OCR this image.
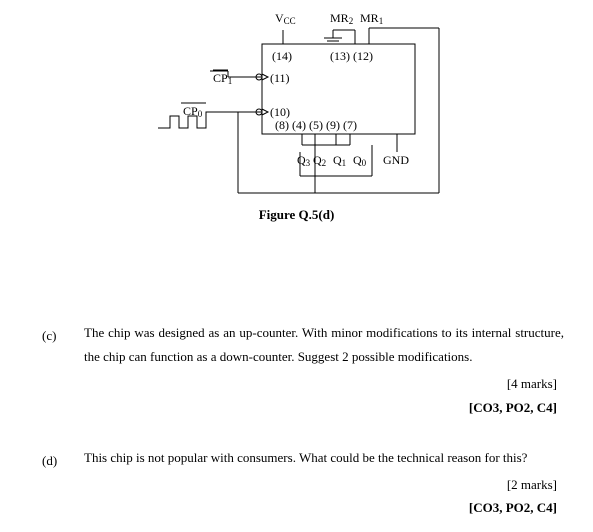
VCC	MR2 MR1
(14)	(13) (12)
(11)
(10)
(8) (4) (5) (9) (7)
CP1
CP0
Q3 Q2 Q1 Q0 GND
Figure Q.5(d)
(c) The chip was designed as an up-counter. With minor modifications to its internal structure, the chip can function as a down-counter. Suggest 2 possible modifications.
[4 marks]
[CO3, PO2, C4]
(d) This chip is not popular with consumers. What could be the technical reason for this?
[2 marks]
[CO3, PO2, C4]
